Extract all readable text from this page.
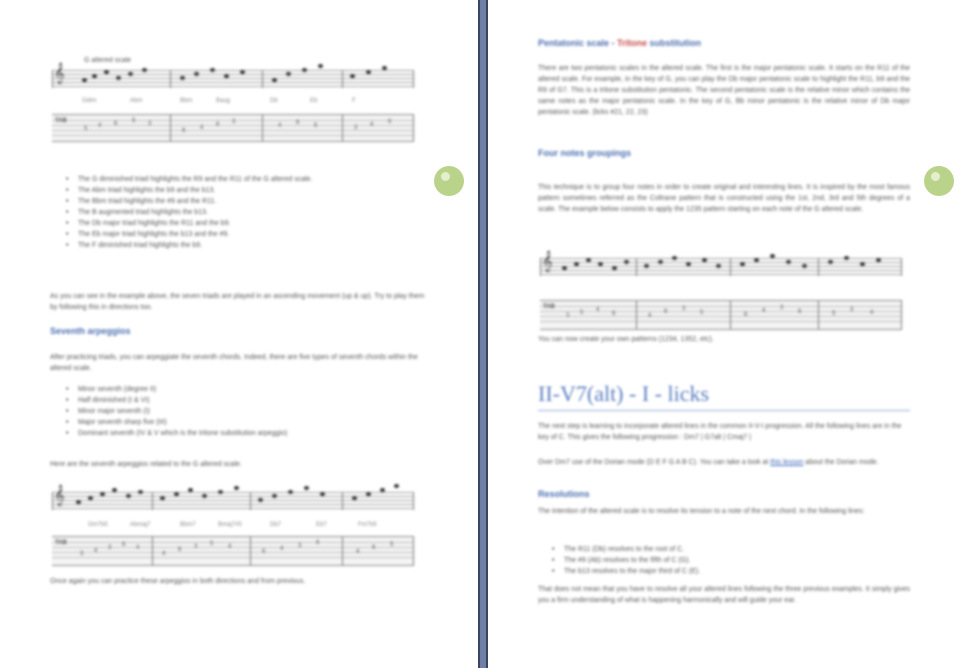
G altered scale
𝄞
Gdim	Abm	Bbm	Baug	Db	Eb	F
TAB
5 4 6 5 3
6 4 6 3
4 6 5	3 4 6
• The G diminished triad highlights the R9 and the R11 of the G altered scale.
• The Abm triad highlights the b9 and the b13.
• The Bbm triad highlights the #9 and the R11.
• The B augmented triad highlights the b13.
• The Db major triad highlights the R11 and the b9.
• The Eb major triad highlights the b13 and the #9.
• The F diminished triad highlights the b9.
As you can see in the example above, the seven triads are played in an ascending movement (up & up). Try to play them by following this in directions too.
Seventh arpeggios
After practicing triads, you can arpeggiate the seventh chords. Indeed, there are five types of seventh chords within the altered scale.
• Minor seventh (degree II)
• Half diminished (I & VI)
• Minor major seventh (I)
• Major seventh sharp five (III)
• Dominant seventh (IV & V which is the tritone substitution arpeggio)
Here are the seventh arpeggios related to the G altered scale.
𝄞
Gm7b5	Abmaj7	Bbm7	Bmaj7#5	Db7	Eb7	Fm7b5
TAB
3 4 3 6 4
4
6 3 5 4
6 4 3 6
4
6 5
Once again you can practice these arpeggios in both directions and from previous.
Pentatonic scale - Tritone substitution
There are two pentatonic scales in the altered scale. The first is the major pentatonic scale. It starts on the R11 of the altered scale. For example, in the key of G, you can play the Db major pentatonic scale to highlight the R11, b9 and the R9 of G7. This is a tritone substitution pentatonic. The second pentatonic scale is the relative minor which contains the same notes as the major pentatonic scale. In the key of G, Bb minor pentatonic is the relative minor of Db major pentatonic scale. (licks #21, 22, 23)
Four notes groupings
This technique is to group four notes in order to create original and interesting lines. It is inspired by the most famous pattern sometimes referred as the Coltrane pattern that is constructed using the 1st, 2nd, 3rd and 5th degrees of a scale. The example below consists to apply the 1235 pattern starting on each note of the G altered scale.
𝄞
TAB
3 5 4
6	4
6 3
5	6
4 3
6	5
3	4
You can now create your own patterns (1234, 1352, etc).
II-V7(alt) - I - licks
The next step is learning to incorporate altered lines in the common II-V-I progression. All the following lines are in the key of C. This gives the following progression : Dm7 | G7alt | Cmaj7 |
Over Dm7 use of the Dorian mode (D E F G A B C). You can take a look at this lesson about the Dorian mode.
Resolutions
The intention of the altered scale is to resolve its tension to a note of the next chord. In the following lines:
• The R11 (Db) resolves to the root of C.
• The #9 (Ab) resolves to the fifth of C (G).
• The b13 resolves to the major third of C (E).
That does not mean that you have to resolve all your altered lines following the three previous examples. It simply gives you a firm understanding of what is happening harmonically and will guide your ear.
